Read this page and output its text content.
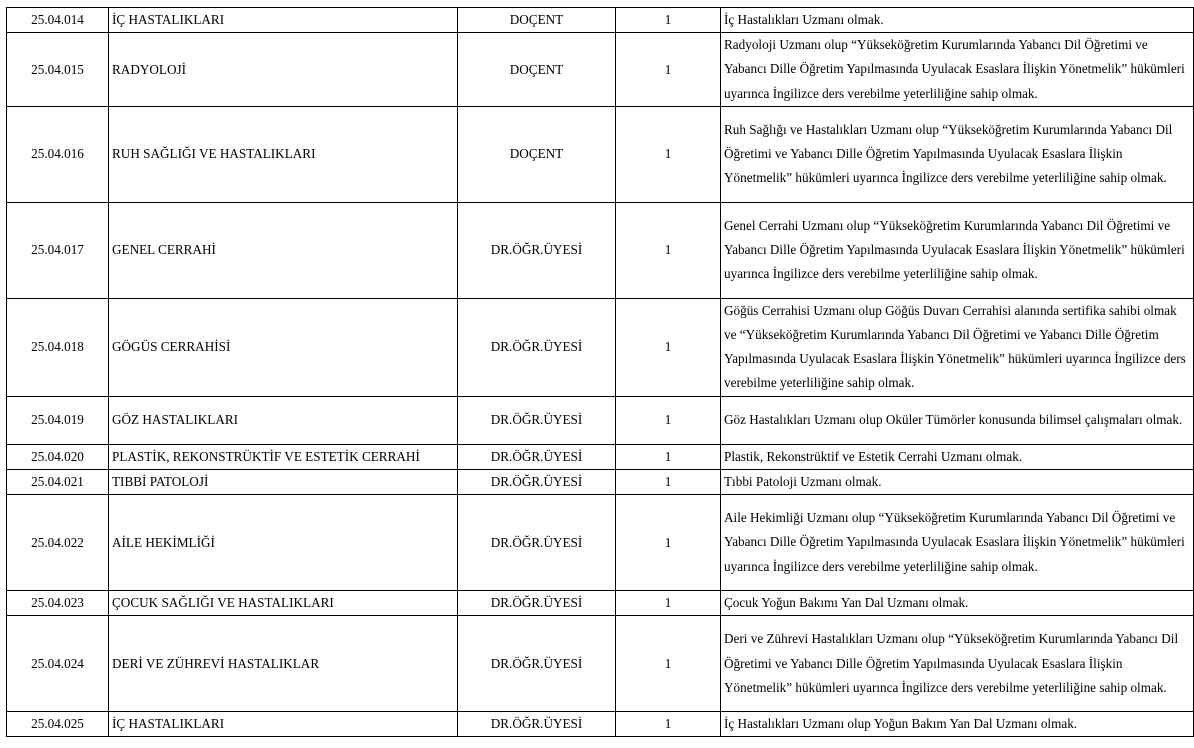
25.04.014	İÇ HASTALIKLARI	DOÇENT	1	İç Hastalıkları Uzmanı olmak.
25.04.015	RADYOLOJİ	DOÇENT	1	Radyoloji Uzmanı olup “Yükseköğretim Kurumlarında Yabancı Dil Öğretimi ve Yabancı Dille Öğretim Yapılmasında Uyulacak Esaslara İlişkin Yönetmelik” hükümleri uyarınca İngilizce ders verebilme yeterliliğine sahip olmak.
25.04.016	RUH SAĞLIĞI VE HASTALIKLARI	DOÇENT	1	Ruh Sağlığı ve Hastalıkları Uzmanı olup “Yükseköğretim Kurumlarında Yabancı Dil Öğretimi ve Yabancı Dille Öğretim Yapılmasında Uyulacak Esaslara İlişkin Yönetmelik” hükümleri uyarınca İngilizce ders verebilme yeterliliğine sahip olmak.
25.04.017	GENEL CERRAHİ	DR.ÖĞR.ÜYESİ	1	Genel Cerrahi Uzmanı olup “Yükseköğretim Kurumlarında Yabancı Dil Öğretimi ve Yabancı Dille Öğretim Yapılmasında Uyulacak Esaslara İlişkin Yönetmelik” hükümleri uyarınca İngilizce ders verebilme yeterliliğine sahip olmak.
25.04.018	GÖGÜS CERRAHİSİ	DR.ÖĞR.ÜYESİ	1	Göğüs Cerrahisi Uzmanı olup Göğüs Duvarı Cerrahisi alanında sertifika sahibi olmak ve “Yükseköğretim Kurumlarında Yabancı Dil Öğretimi ve Yabancı Dille Öğretim Yapılmasında Uyulacak Esaslara İlişkin Yönetmelik” hükümleri uyarınca İngilizce ders verebilme yeterliliğine sahip olmak.
25.04.019	GÖZ HASTALIKLARI	DR.ÖĞR.ÜYESİ	1	Göz Hastalıkları Uzmanı olup Oküler Tümörler konusunda bilimsel çalışmaları olmak.
25.04.020	PLASTİK, REKONSTRÜKTİF VE ESTETİK CERRAHİ	DR.ÖĞR.ÜYESİ	1	Plastik, Rekonstrüktif ve Estetik Cerrahi Uzmanı olmak.
25.04.021	TIBBİ PATOLOJİ	DR.ÖĞR.ÜYESİ	1	Tıbbi Patoloji Uzmanı olmak.
25.04.022	AİLE HEKİMLİĞİ	DR.ÖĞR.ÜYESİ	1	Aile Hekimliği Uzmanı olup “Yükseköğretim Kurumlarında Yabancı Dil Öğretimi ve Yabancı Dille Öğretim Yapılmasında Uyulacak Esaslara İlişkin Yönetmelik” hükümleri uyarınca İngilizce ders verebilme yeterliliğine sahip olmak.
25.04.023	ÇOCUK SAĞLIĞI VE HASTALIKLARI	DR.ÖĞR.ÜYESİ	1	Çocuk Yoğun Bakımı Yan Dal Uzmanı olmak.
25.04.024	DERİ VE ZÜHREVİ HASTALIKLAR	DR.ÖĞR.ÜYESİ	1	Deri ve Zührevi Hastalıkları Uzmanı olup “Yükseköğretim Kurumlarında Yabancı Dil Öğretimi ve Yabancı Dille Öğretim Yapılmasında Uyulacak Esaslara İlişkin Yönetmelik” hükümleri uyarınca İngilizce ders verebilme yeterliliğine sahip olmak.
25.04.025	İÇ HASTALIKLARI	DR.ÖĞR.ÜYESİ	1	İç Hastalıkları Uzmanı olup Yoğun Bakım Yan Dal Uzmanı olmak.
